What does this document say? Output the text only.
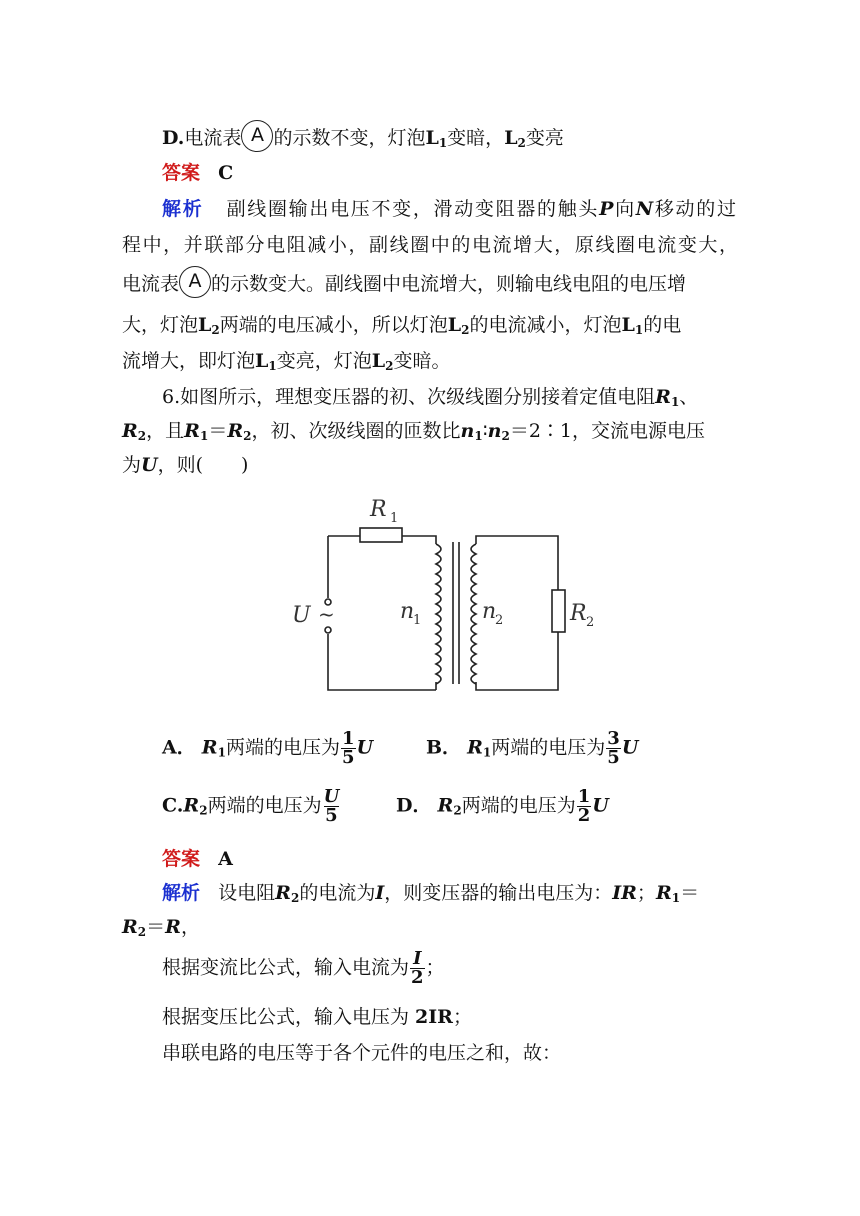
D.电流表 A 的示数不变，灯泡$L_1$变暗，$L_2$变亮
答案 C
解析 副线圈输出电压不变，滑动变阻器的触头P向N移动的过
程中，并联部分电阻减小，副线圈中的电流增大，原线圈电流变大，
电流表 A 的示数变大。副线圈中电流增大，则输电线电阻的电压增
大，灯泡$L_2$两端的电压减小，所以灯泡$L_2$的电流减小，灯泡$L_1$的电
流增大，即灯泡$L_1$变亮，灯泡$L_2$变暗。
6.如图所示，理想变压器的初、次级线圈分别接着定值电阻$R_1$、
$R_2$，且$R_1=R_2$，初、次级线圈的匝数比$n_1∶n_2=2∶1$，交流电源电压
为U，则(　　)
R 1
R 2
U ~	n
1	n
2
A． $R_1$两端的电压为 $\frac{1}{5}$ U	B． $R_1$两端的电压为 $\frac{3}{5}$ U
$C.R_2$两端的电压为 $\frac{U}{5}$	D． $R_2$两端的电压为 $\frac{1}{2}$ U
答案 A
解析 设电阻$R_2$的电流为I，则变压器的输出电压为：IR；$R_1=$
$R_2=R$，
根据变流比公式，输入电流为 $\frac{I}{2}$ ；
根据变压比公式，输入电压为 2IR；
串联电路的电压等于各个元件的电压之和，故：
